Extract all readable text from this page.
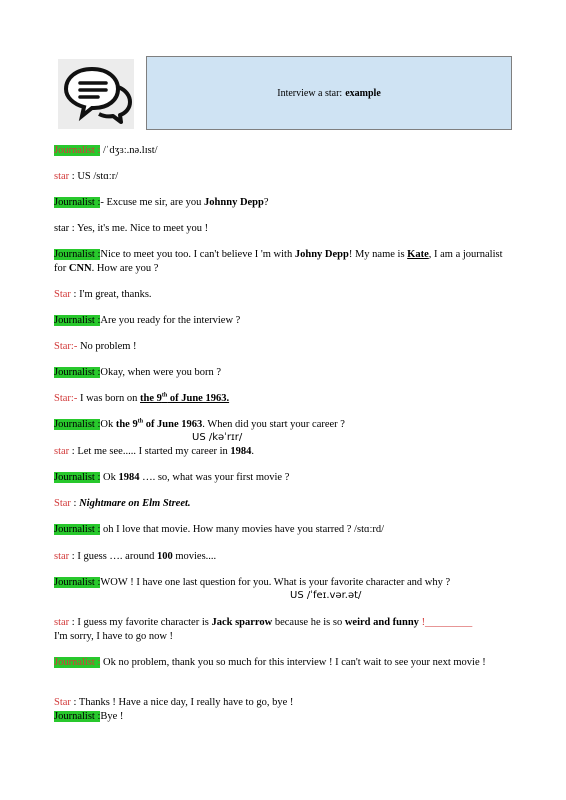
Interview a star: example
Journalist : /ˈdʒɜː.nə.lɪst/
star : US /stɑːr/
Journalist :- Excuse me sir, are you Johnny Depp?
star : Yes, it's me. Nice to meet you !
Journalist :Nice to meet you too. I can't believe I 'm with Johny Depp! My name is Kate, I am a journalist for CNN. How are you ?
Star : I'm great, thanks.
Journalist :Are you ready for the interview ?
Star:- No problem !
Journalist :Okay, when were you born ?
Star:- I was born on the 9th of June 1963.
Journalist :Ok the 9th of June 1963. When did you start your career ?
US /kəˈrɪr/
star : Let me see..... I started my career in 1984.
Journalist : Ok 1984 …. so, what was your first movie ?
Star : Nightmare on Elm Street.
Journalist : oh I love that movie. How many movies have you starred ? /stɑːrd/
star : I guess …. around 100 movies....
Journalist :WOW ! I have one last question for you. What is your favorite character and why ?
US /ˈfeɪ.vər.ət/
star : I guess my favorite character is Jack sparrow because he is so weird and funny !_________
I'm sorry, I have to go now !
Journalist : Ok no problem, thank you so much for this interview ! I can't wait to see your next movie !
Star : Thanks ! Have a nice day, I really have to go, bye !
Journalist :Bye !
